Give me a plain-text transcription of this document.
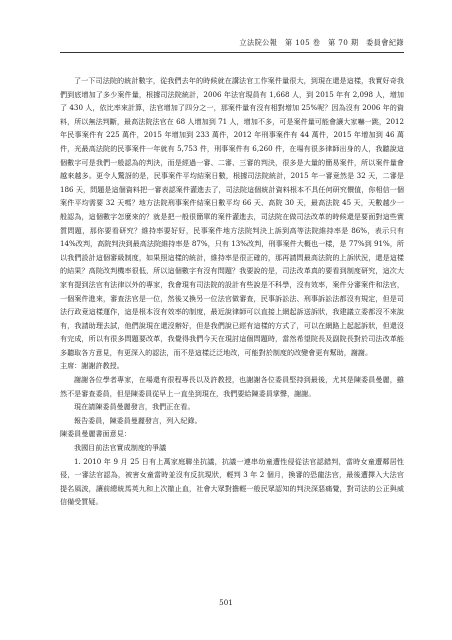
立法院公報　第 105 卷　第 70 期　委員會紀錄

了一下司法院的統計數字，從我們去年的時候就在講法官工作案件量很大，到現在還是這樣，我實好奇我們到底增加了多少案件量，根據司法院統計，2006 年法官現員有 1,668 人，到 2015 年有 2,098 人，增加了 430 人，依比率來計算，法官增加了四分之一，那案件量有沒有相對增加 25%呢？因為沒有 2006 年的資料，所以無法判斷，最高法院法官在 68 人增加到 71 人，增加不多，可是案件量可能會讓大家嚇一跳，2012 年民事案件有 225 萬件，2015 年增加到 233 萬件，2012 年刑事案件有 44 萬件，2015 年增加到 46 萬件，光最高法院的民事案件一年就有 5,753 件，刑事案件有 6,260 件，在場有很多律師出身的人，我聽說這個數字可是我們一般認為的判決，而是經過一審、二審、三審的判決，很多是大量的簡易案件，所以案件量會越來越多。更令人驚訝的是，民事案件平均結案日數，根據司法院統計，2015 年一審竟然是 32 天，二審是 186 天，問題是這個資料把一審表認案件灌進去了，司法院這個統計資料根本不具任何研究價值，你相信一個案件平均需要 32 天嗎？地方法院刑事案件結案日數平均 66 天、高院 30 天，最高法院 45 天，天數越少一般認為，這個數字怎麼來的？就是把一般很簡單的案件灌進去，司法院在做司法改革的時候還是要面對這些實質問題，那你要看研究？維持率要好好，民事案件地方法院判決上訴到高等法院維持率是 86%，表示只有 14%改判，高院判決到最高法院維持率是 87%，只有 13%改判，刑事案件大概也一樣，是 77%到 91%，所以我們設計這個審級制度，如果照這樣的統計，維持率是很正確的，那再請問最高法院的上訴狀況，還是這樣的結果？高院改判機率很低，所以這個數字有沒有問題？我要說的是，司法改革真的要看到制度研究，這次大家有提到法官有法律以外的專家，我會現有司法院的設計有些說是不科學，沒有效率，案件分審案件和法官，一個案件進來，審查法官是一位，然後又換另一位法官做審查，民事訴訟法、刑事訴訟法都沒有規定，但是司法行政竟這樣運作，這是根本沒有效率的制度，最近說律師可以直接上網起訴送訴狀，我建議立委都沒不來說有，我請助理去試，他們說現在還沒辦好，但是我們說已經有這樣的方式了，可以在網路上起起訴狀，但還沒有完成，所以有很多問題要改革，我覺得我們今天在現討這個問題時，當然希望院長及副院長對於司法改革能多聽取各方意見，有更深入的認法，而不是這樣泛泛地改，可能對於制度的改變會更有幫助，謝謝。

主席：謝謝許教授。

謝謝各位學者專家，在場還有很程專長以及許教授，也謝謝各位委員堅持到最後，尤其是陳委員曼麗，雖然不是審查委員，但是陳委員從早上一直坐到現在，我們要給陳委員掌聲，謝謝。

現在請陳委員曼麗發言，我們正在看。

報告委員，陳委員曼麗發言，列入紀錄。

陳委員曼麗書面意見：

我國目前法官實成制度的爭議

1. 2010 年 9 月 25 日有上萬家庭聯坐抗議，抗議一連串幼童遭性侵從法官認錯判，當時女童遭鄰居性侵，一審法官認為，被害女童當時並沒有反抗現狀，輕判 3 年 2 個月，換審的恐龍法官，最後遭擇入大法官提名風波，讓前總統馬英九和上次撤止血，社會大眾對擔輕一般民眾認知的判決深惡痛覺，對司法的公正與威信備受質疑。

501
